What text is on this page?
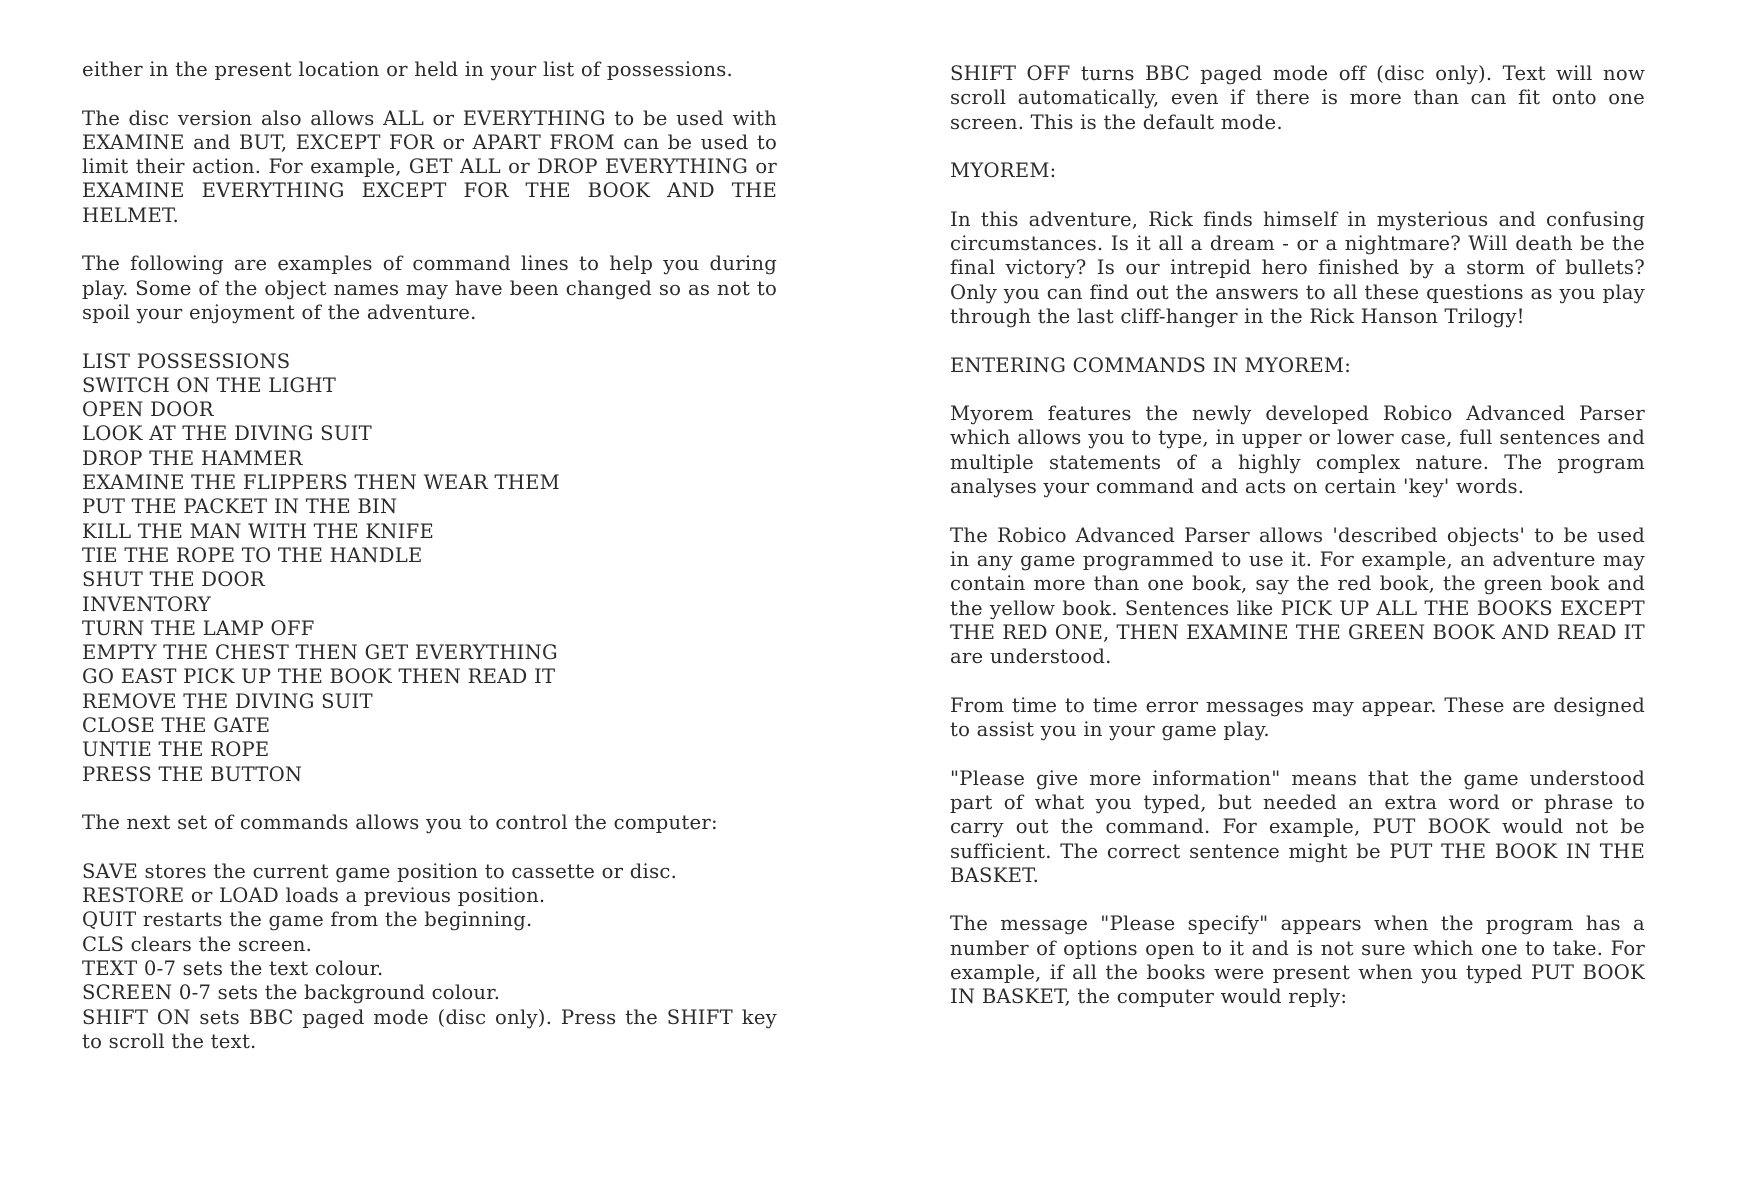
either in the present location or held in your list of possessions.

The disc version also allows ALL or EVERYTHING to be used with EXAMINE and BUT, EXCEPT FOR or APART FROM can be used to limit their action. For example, GET ALL or DROP EVERYTHING or EXAMINE EVERYTHING EXCEPT FOR THE BOOK AND THE HELMET.

The following are examples of command lines to help you during play. Some of the object names may have been changed so as not to spoil your enjoyment of the adventure.

LIST POSSESSIONS
SWITCH ON THE LIGHT
OPEN DOOR
LOOK AT THE DIVING SUIT
DROP THE HAMMER
EXAMINE THE FLIPPERS THEN WEAR THEM
PUT THE PACKET IN THE BIN
KILL THE MAN WITH THE KNIFE
TIE THE ROPE TO THE HANDLE
SHUT THE DOOR
INVENTORY
TURN THE LAMP OFF
EMPTY THE CHEST THEN GET EVERYTHING
GO EAST PICK UP THE BOOK THEN READ IT
REMOVE THE DIVING SUIT
CLOSE THE GATE
UNTIE THE ROPE
PRESS THE BUTTON

The next set of commands allows you to control the computer:

SAVE stores the current game position to cassette or disc.

RESTORE or LOAD loads a previous position.
QUIT restarts the game from the beginning.
CLS clears the screen.
TEXT 0-7 sets the text colour.
SCREEN 0-7 sets the background colour.

SHIFT ON sets BBC paged mode (disc only). Press the SHIFT key to scroll the text.

SHIFT OFF turns BBC paged mode off (disc only). Text will now scroll automatically, even if there is more than can fit onto one screen. This is the default mode.

MYOREM:

In this adventure, Rick finds himself in mysterious and confusing circumstances. Is it all a dream - or a nightmare? Will death be the final victory? Is our intrepid hero finished by a storm of bullets? Only you can find out the answers to all these questions as you play through the last cliff-hanger in the Rick Hanson Trilogy!

ENTERING COMMANDS IN MYOREM:

Myorem features the newly developed Robico Advanced Parser which allows you to type, in upper or lower case, full sentences and multiple statements of a highly complex nature. The program analyses your command and acts on certain 'key' words.

The Robico Advanced Parser allows 'described objects' to be used in any game programmed to use it. For example, an adventure may contain more than one book, say the red book, the green book and the yellow book. Sentences like PICK UP ALL THE BOOKS EXCEPT THE RED ONE, THEN EXAMINE THE GREEN BOOK AND READ IT are understood.

From time to time error messages may appear. These are designed to assist you in your game play.

"Please give more information" means that the game understood part of what you typed, but needed an extra word or phrase to carry out the command. For example, PUT BOOK would not be sufficient. The correct sentence might be PUT THE BOOK IN THE BASKET.

The message "Please specify" appears when the program has a number of options open to it and is not sure which one to take. For example, if all the books were present when you typed PUT BOOK IN BASKET, the computer would reply:
